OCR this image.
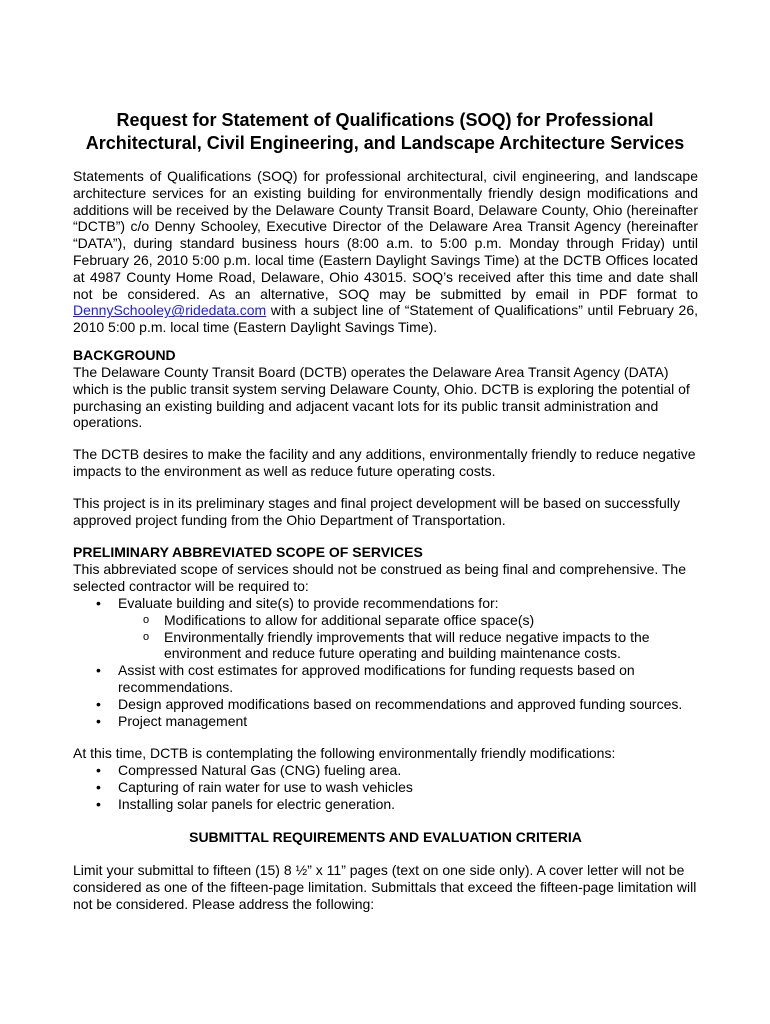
Request for Statement of Qualifications (SOQ) for Professional
Architectural, Civil Engineering, and Landscape Architecture Services
Statements of Qualifications (SOQ) for professional architectural, civil engineering, and landscape architecture services for an existing building for environmentally friendly design modifications and additions will be received by the Delaware County Transit Board, Delaware County, Ohio (hereinafter “DCTB”) c/o Denny Schooley, Executive Director of the Delaware Area Transit Agency (hereinafter “DATA”), during standard business hours (8:00 a.m. to 5:00 p.m. Monday through Friday) until February 26, 2010 5:00 p.m. local time (Eastern Daylight Savings Time) at the DCTB Offices located at 4987 County Home Road, Delaware, Ohio 43015. SOQ’s received after this time and date shall not be considered. As an alternative, SOQ may be submitted by email in PDF format to DennySchooley@ridedata.com with a subject line of “Statement of Qualifications” until February 26, 2010 5:00 p.m. local time (Eastern Daylight Savings Time).
BACKGROUND
The Delaware County Transit Board (DCTB) operates the Delaware Area Transit Agency (DATA) which is the public transit system serving Delaware County, Ohio. DCTB is exploring the potential of purchasing an existing building and adjacent vacant lots for its public transit administration and operations.
The DCTB desires to make the facility and any additions, environmentally friendly to reduce negative impacts to the environment as well as reduce future operating costs.
This project is in its preliminary stages and final project development will be based on successfully approved project funding from the Ohio Department of Transportation.
PRELIMINARY ABBREVIATED SCOPE OF SERVICES
This abbreviated scope of services should not be construed as being final and comprehensive. The selected contractor will be required to:
• Evaluate building and site(s) to provide recommendations for:
o Modifications to allow for additional separate office space(s)
o Environmentally friendly improvements that will reduce negative impacts to the environment and reduce future operating and building maintenance costs.
• Assist with cost estimates for approved modifications for funding requests based on recommendations.
• Design approved modifications based on recommendations and approved funding sources.
• Project management
At this time, DCTB is contemplating the following environmentally friendly modifications:
• Compressed Natural Gas (CNG) fueling area.
• Capturing of rain water for use to wash vehicles
• Installing solar panels for electric generation.
SUBMITTAL REQUIREMENTS AND EVALUATION CRITERIA
Limit your submittal to fifteen (15) 8 ½” x 11” pages (text on one side only). A cover letter will not be considered as one of the fifteen-page limitation. Submittals that exceed the fifteen-page limitation will not be considered. Please address the following:
